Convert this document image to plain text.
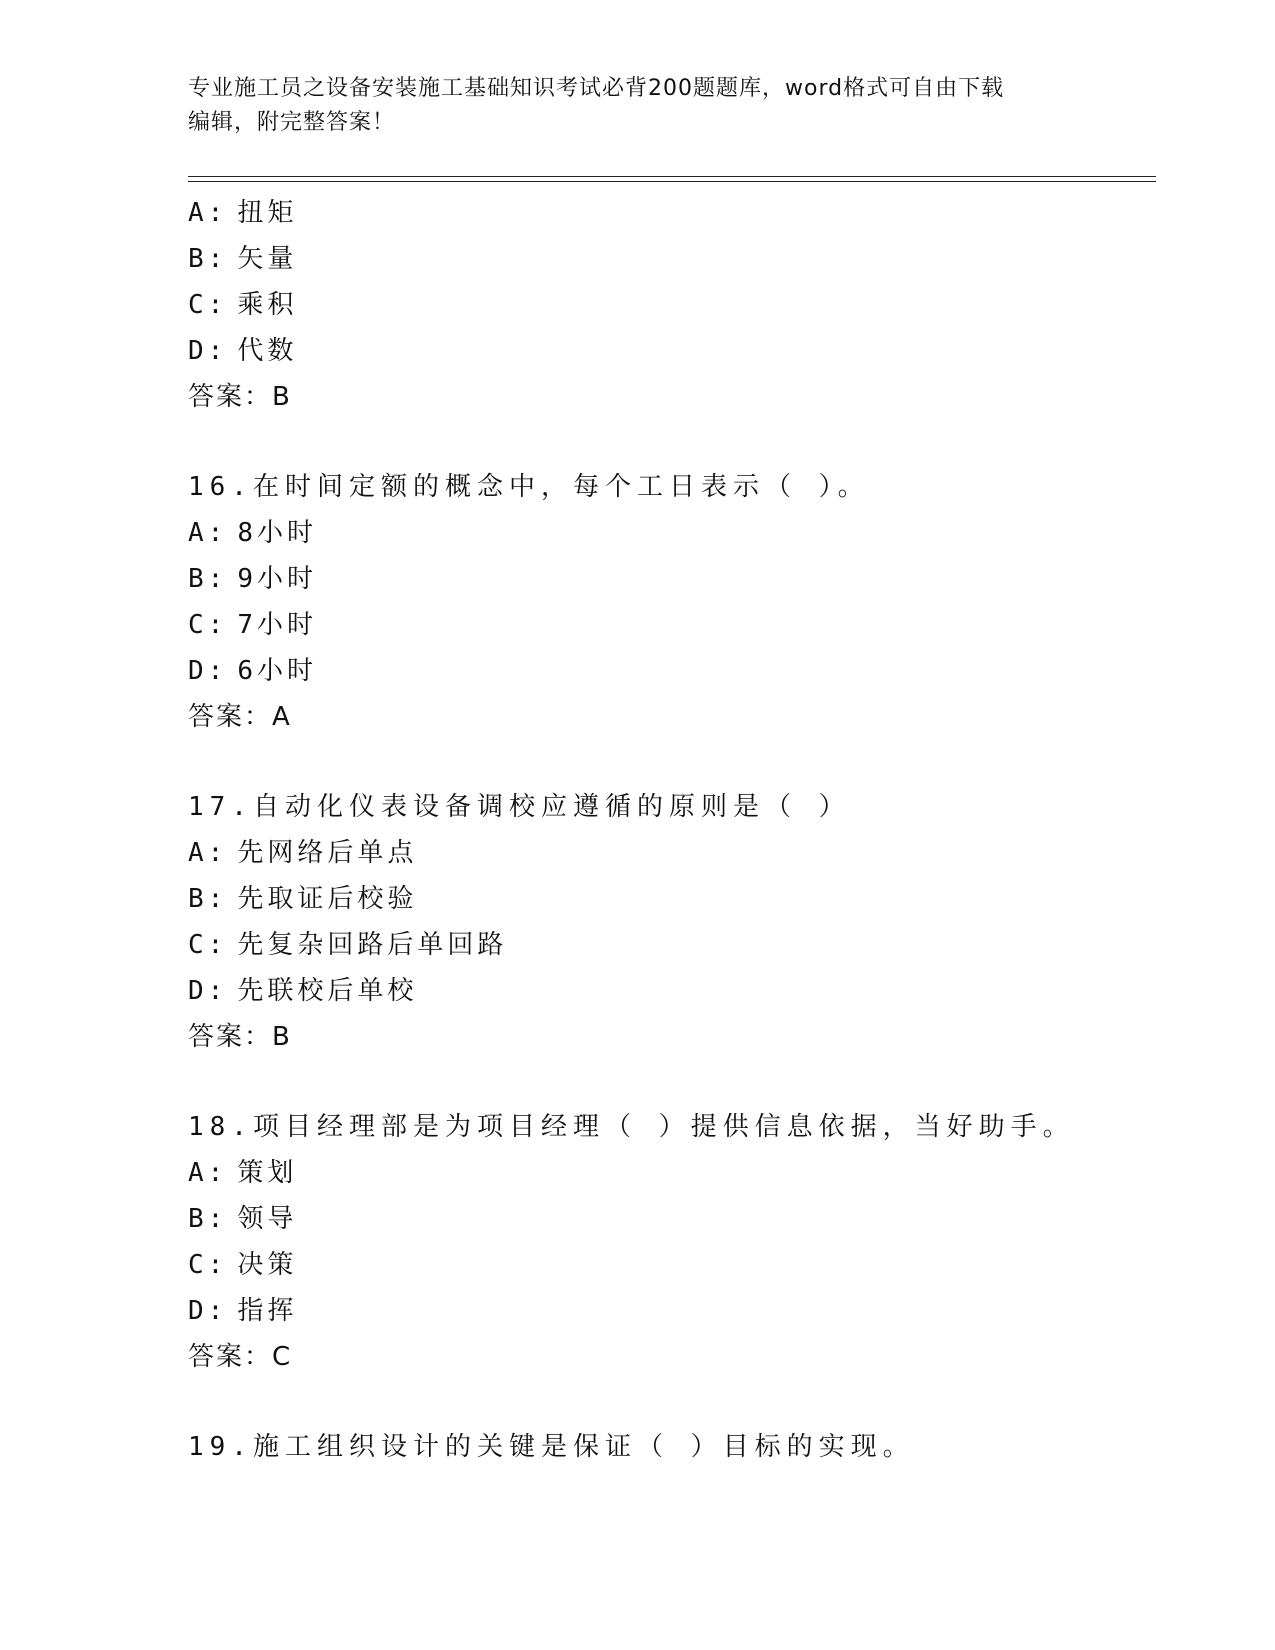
专业施工员之设备安装施工基础知识考试必背200题题库，word格式可自由下载
编辑，附完整答案！
A: 扭矩
B: 矢量
C: 乘积
D: 代数
答案：B
16.在时间定额的概念中，每个工日表示（ ）。
A: 8小时
B: 9小时
C: 7小时
D: 6小时
答案：A
17.自动化仪表设备调校应遵循的原则是（ ）
A: 先网络后单点
B: 先取证后校验
C: 先复杂回路后单回路
D: 先联校后单校
答案：B
18.项目经理部是为项目经理（ ）提供信息依据，当好助手。
A: 策划
B: 领导
C: 决策
D: 指挥
答案：C
19.施工组织设计的关键是保证（ ）目标的实现。
